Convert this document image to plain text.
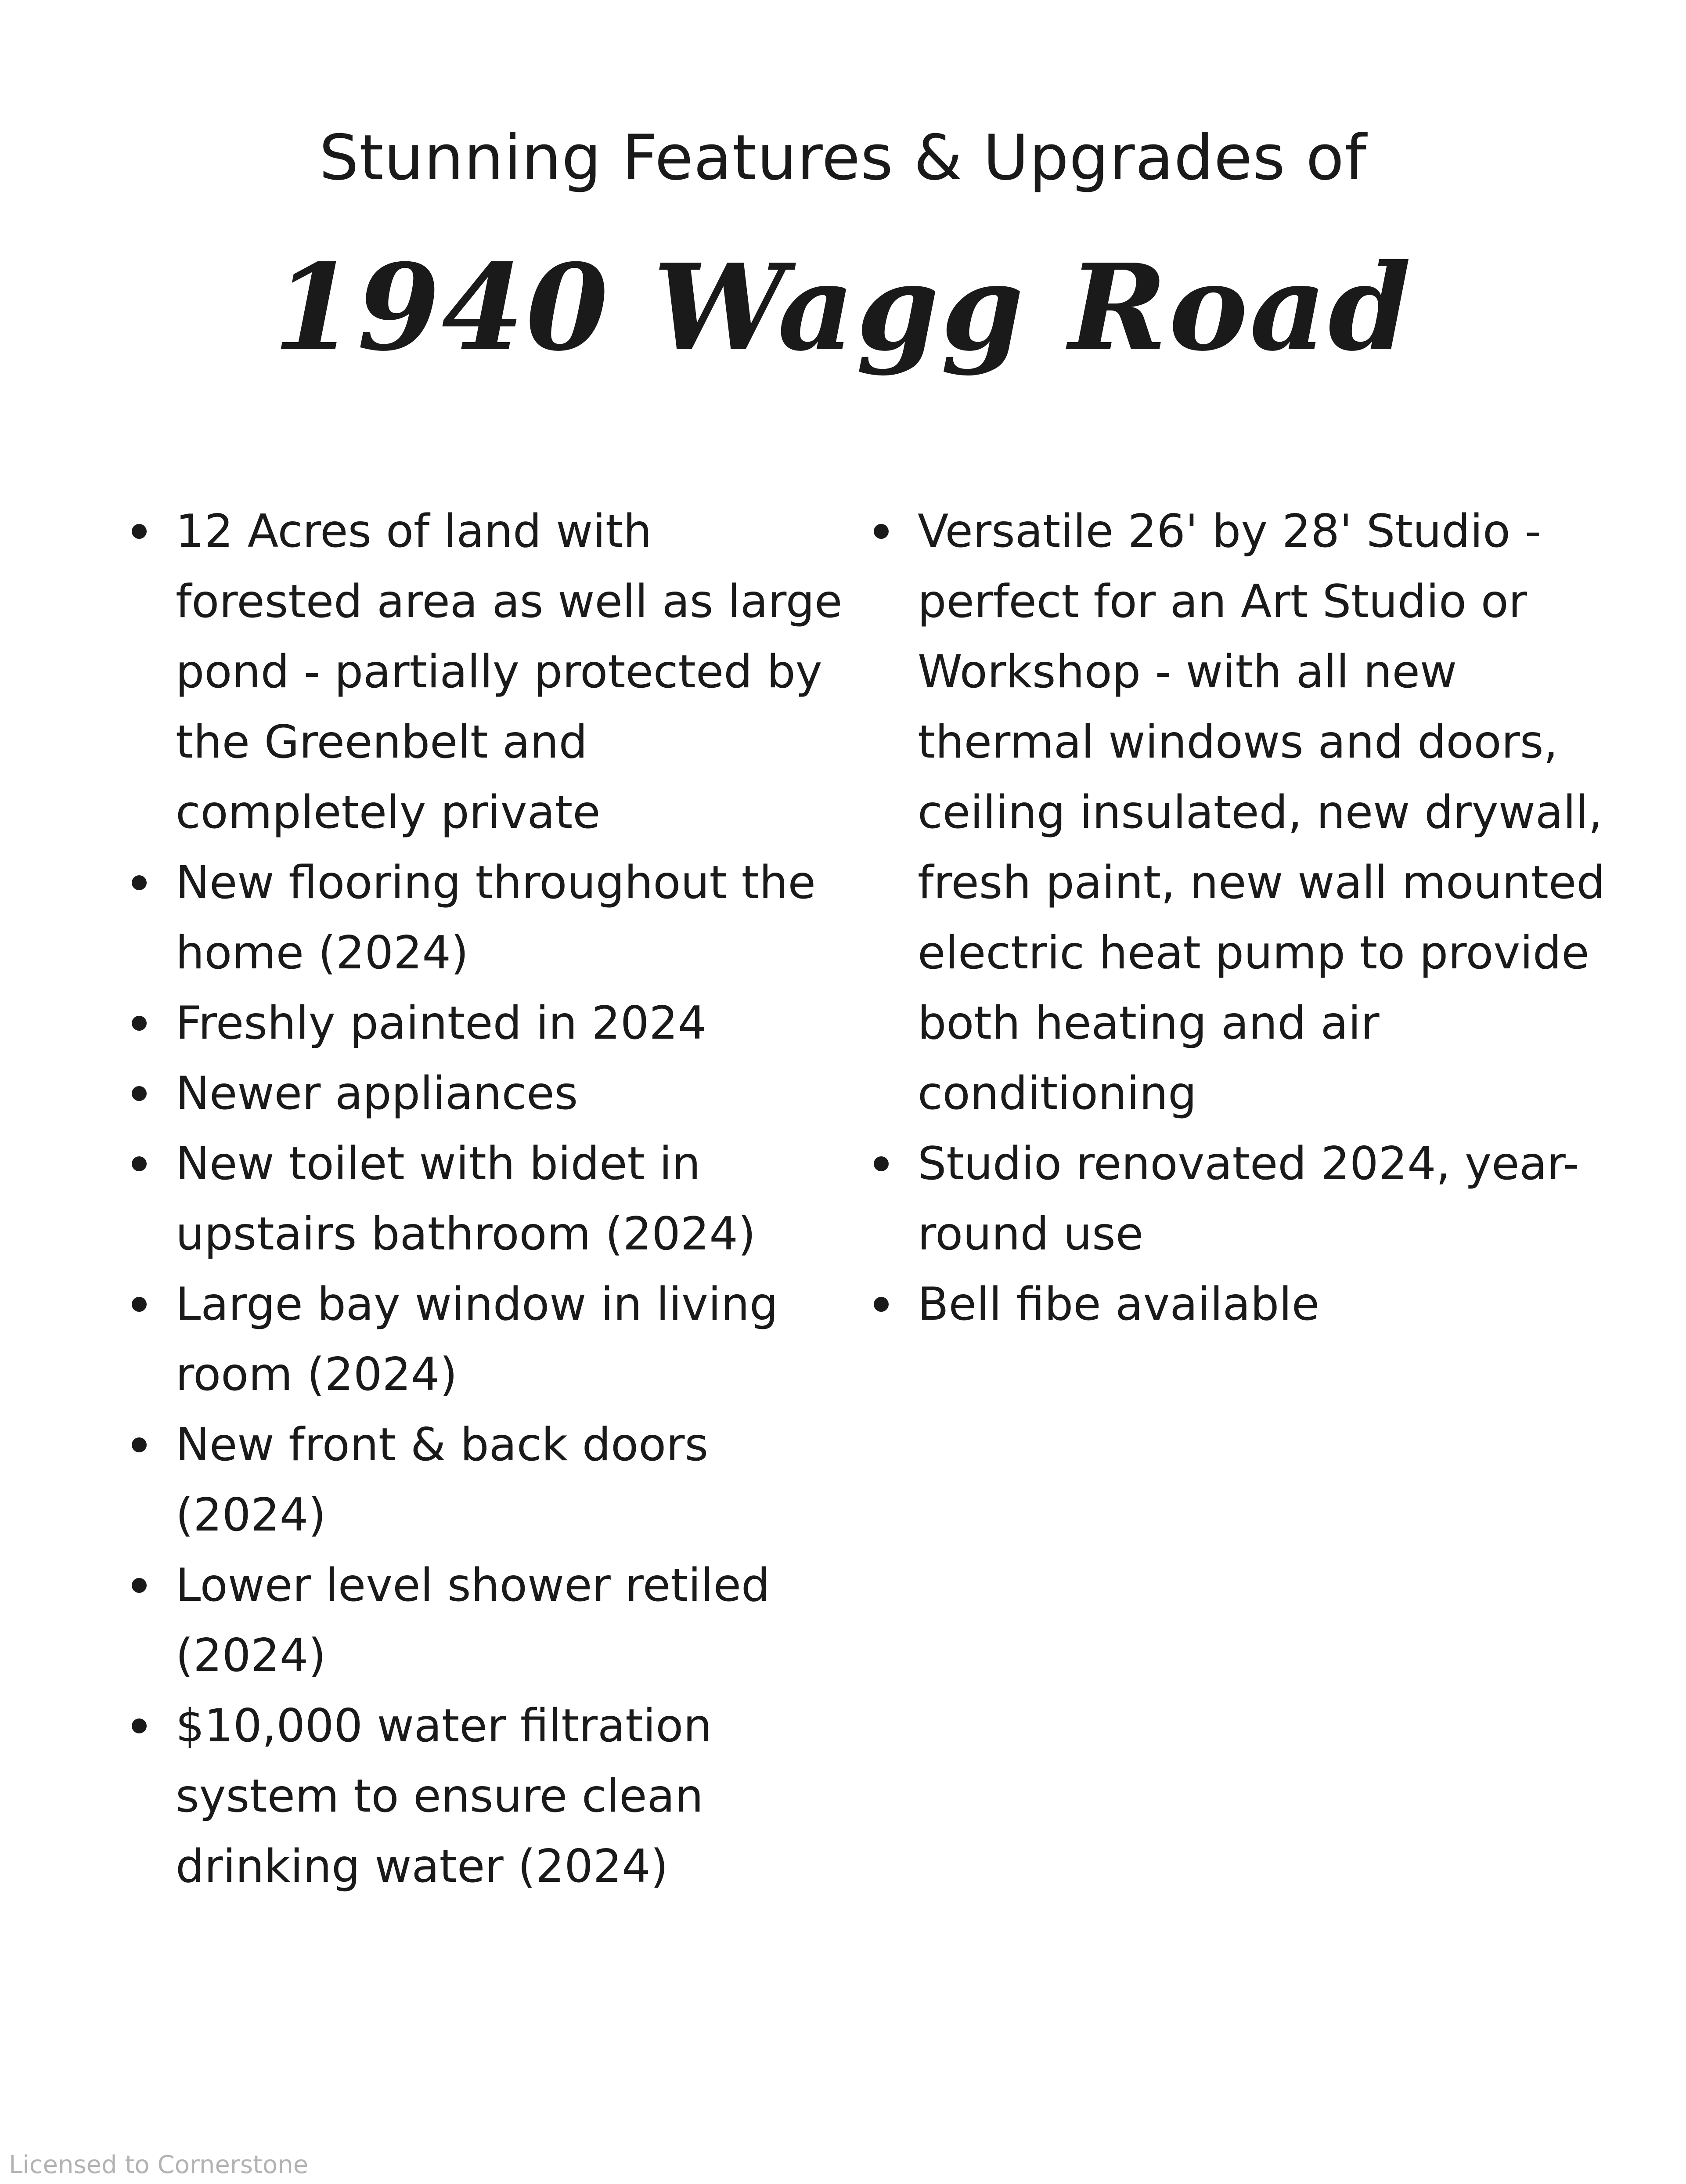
Stunning Features & Upgrades of
1940 Wagg Road
12 Acres of land with forested area as well as large pond - partially protected by the Greenbelt and completely private
New flooring throughout the home (2024)
Freshly painted in 2024
Newer appliances
New toilet with bidet in upstairs bathroom (2024)
Large bay window in living room (2024)
New front & back doors (2024)
Lower level shower retiled (2024)
$10,000 water filtration system to ensure clean drinking water (2024)
Versatile 26' by 28' Studio - perfect for an Art Studio or Workshop - with all new thermal windows and doors, ceiling insulated, new drywall, fresh paint, new wall mounted electric heat pump to provide both heating and air conditioning
Studio renovated 2024, year-round use
Bell fibe available
Licensed to Cornerstone
